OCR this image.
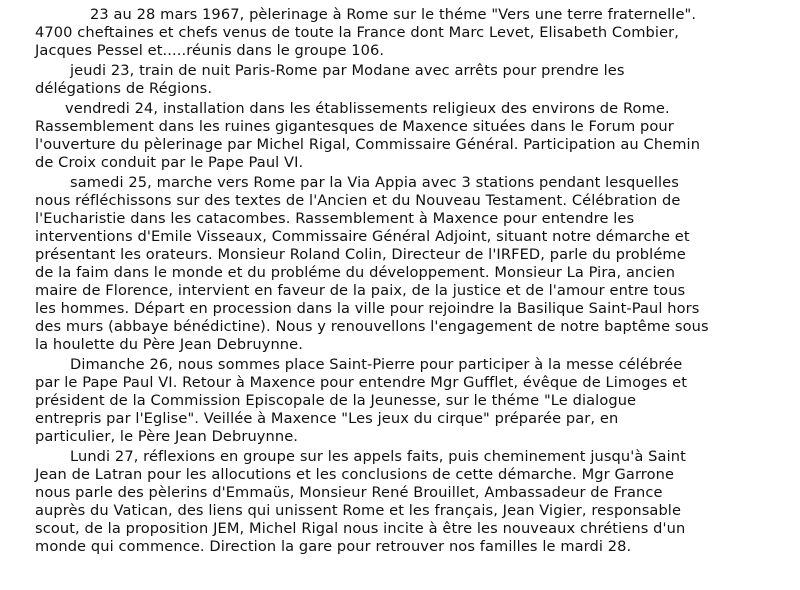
23 au 28 mars 1967, pèlerinage à Rome sur le théme "Vers une terre fraternelle".
4700 cheftaines et chefs venus de toute la France dont Marc Levet, Elisabeth Combier,
Jacques Pessel et.....réunis dans le groupe 106.
jeudi 23, train de nuit Paris-Rome par Modane avec arrêts pour prendre les
délégations de Régions.
vendredi 24, installation dans les établissements religieux des environs de Rome.
Rassemblement dans les ruines gigantesques de Maxence situées dans le Forum pour
l'ouverture du pèlerinage par Michel Rigal, Commissaire Général. Participation au Chemin
de Croix conduit par le Pape Paul VI.
samedi 25, marche vers Rome par la Via Appia avec 3 stations pendant lesquelles
nous réfléchissons sur des textes de l'Ancien et du Nouveau Testament. Célébration de
l'Eucharistie dans les catacombes. Rassemblement à Maxence pour entendre les
interventions d'Emile Visseaux, Commissaire Général Adjoint, situant notre démarche et
présentant les orateurs. Monsieur Roland Colin, Directeur de l'IRFED, parle du probléme
de la faim dans le monde et du probléme du développement. Monsieur La Pira, ancien
maire de Florence, intervient en faveur de la paix, de la justice et de l'amour entre tous
les hommes. Départ en procession dans la ville pour rejoindre la Basilique Saint-Paul hors
des murs (abbaye bénédictine). Nous y renouvellons l'engagement de notre baptême sous
la houlette du Père Jean Debruynne.
Dimanche 26, nous sommes place Saint-Pierre pour participer à la messe célébrée
par le Pape Paul VI. Retour à Maxence pour entendre Mgr Gufflet, évêque de Limoges et
président de la Commission Episcopale de la Jeunesse, sur le théme "Le dialogue
entrepris par l'Eglise". Veillée à Maxence "Les jeux du cirque" préparée par, en
particulier, le Père Jean Debruynne.
Lundi 27, réflexions en groupe sur les appels faits, puis cheminement jusqu'à Saint
Jean de Latran pour les allocutions et les conclusions de cette démarche. Mgr Garrone
nous parle des pèlerins d'Emmaüs, Monsieur René Brouillet, Ambassadeur de France
auprès du Vatican, des liens qui unissent Rome et les français, Jean Vigier, responsable
scout, de la proposition JEM, Michel Rigal nous incite à être les nouveaux chrétiens d'un
monde qui commence. Direction la gare pour retrouver nos familles le mardi 28.
